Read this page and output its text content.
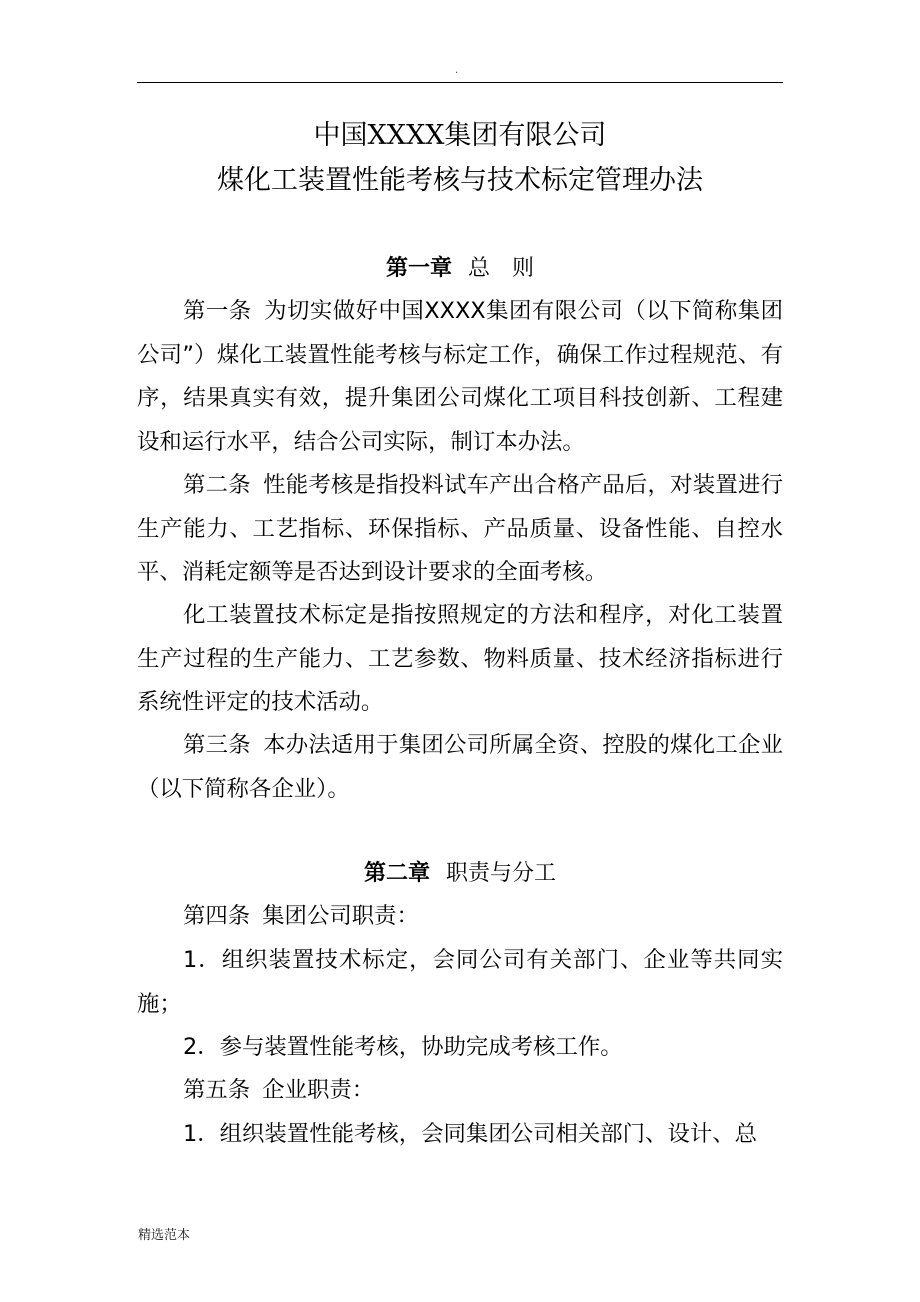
.
中国XXXX集团有限公司
煤化工装置性能考核与技术标定管理办法
第一章 总　则

第一条 为切实做好中国XXXX集团有限公司（以下简称集团公司”）煤化工装置性能考核与标定工作，确保工作过程规范、有序，结果真实有效，提升集团公司煤化工项目科技创新、工程建设和运行水平，结合公司实际，制订本办法。

第二条 性能考核是指投料试车产出合格产品后，对装置进行生产能力、工艺指标、环保指标、产品质量、设备性能、自控水平、消耗定额等是否达到设计要求的全面考核。

化工装置技术标定是指按照规定的方法和程序，对化工装置生产过程的生产能力、工艺参数、物料质量、技术经济指标进行系统性评定的技术活动。

第三条 本办法适用于集团公司所属全资、控股的煤化工企业（以下简称各企业）。

第二章 职责与分工

第四条 集团公司职责：

1．组织装置技术标定，会同公司有关部门、企业等共同实施；

2．参与装置性能考核，协助完成考核工作。

第五条 企业职责：

1．组织装置性能考核，会同集团公司相关部门、设计、总

精选范本
